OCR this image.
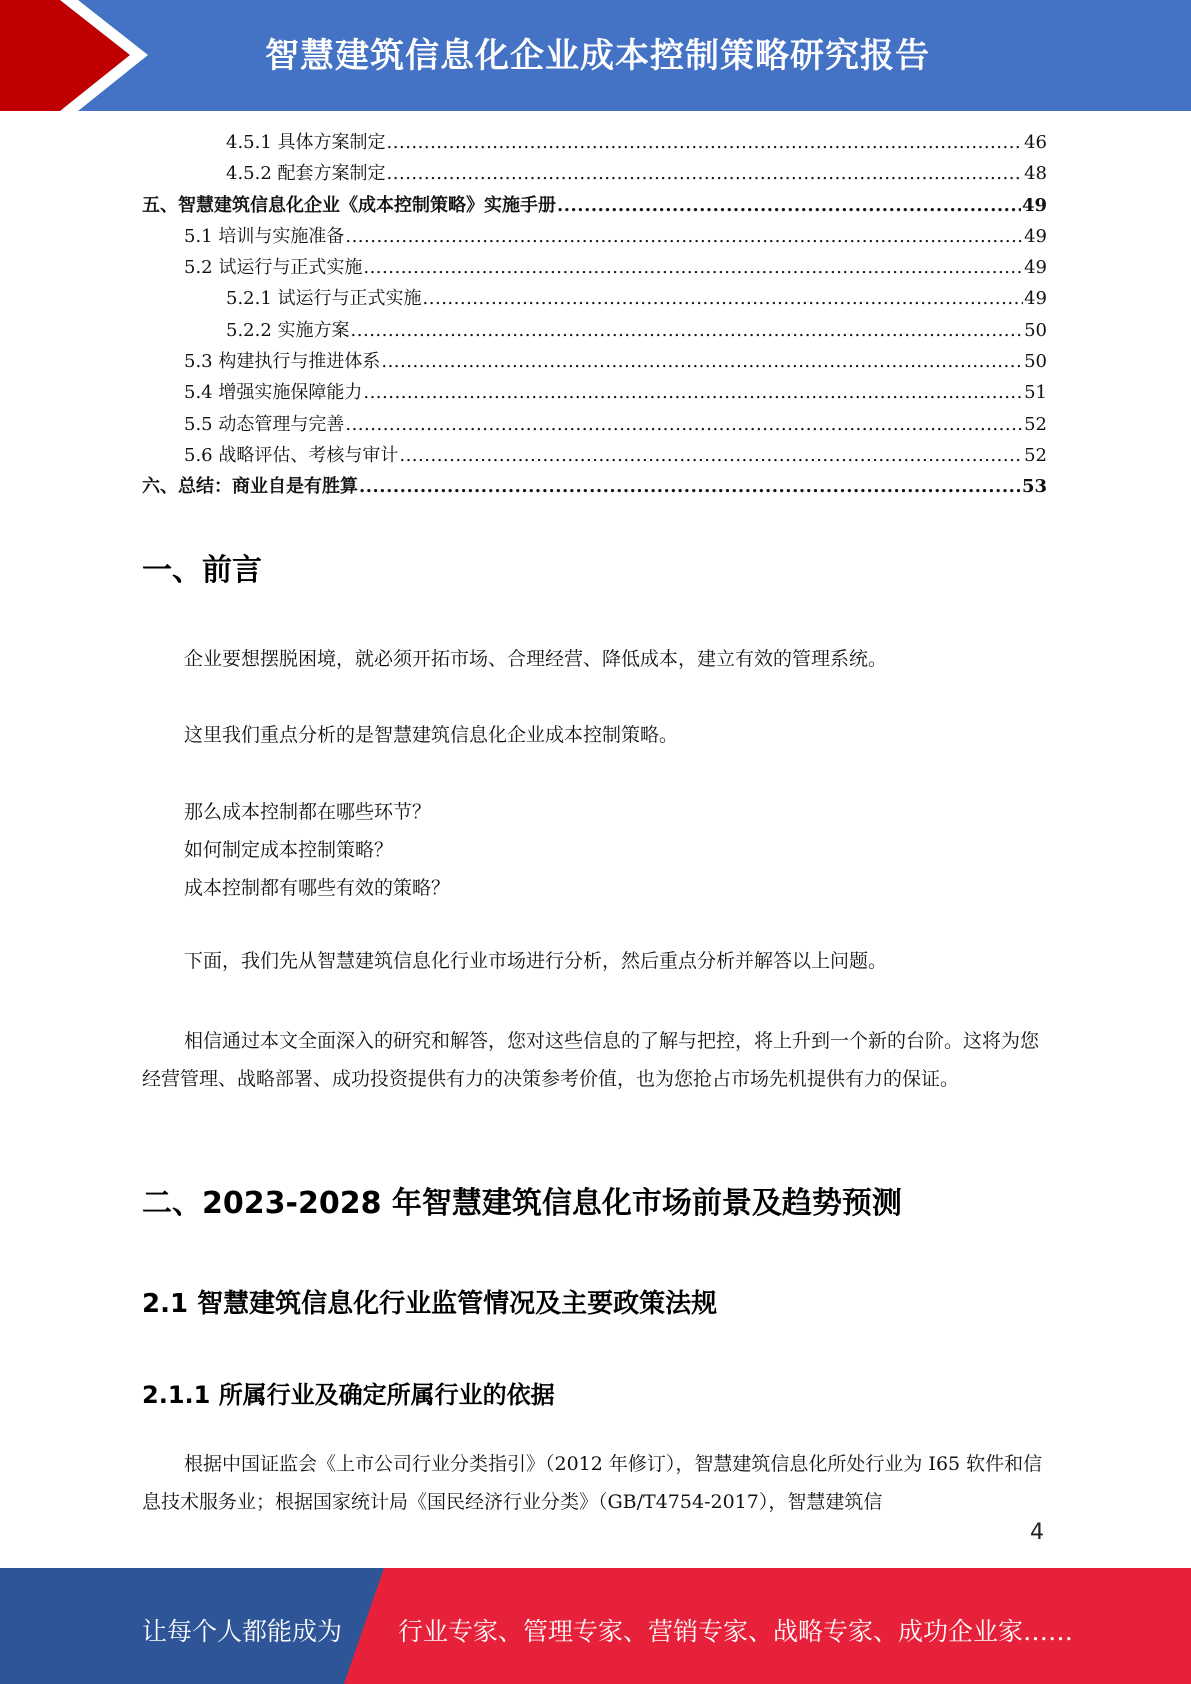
智慧建筑信息化企业成本控制策略研究报告
4.5.1 具体方案制定 .....	46
4.5.2 配套方案制定 .....	48
五、智慧建筑信息化企业《成本控制策略》实施手册 .....	49
5.1 培训与实施准备 .....	49
5.2 试运行与正式实施 .....	49
5.2.1 试运行与正式实施 .....	49
5.2.2 实施方案 .....	50
5.3 构建执行与推进体系 .....	50
5.4 增强实施保障能力 .....	51
5.5 动态管理与完善 .....	52
5.6 战略评估、考核与审计 .....	52
六、总结：商业自是有胜算 .....	53
一、前言

企业要想摆脱困境，就必须开拓市场、合理经营、降低成本，建立有效的管理系统。

这里我们重点分析的是智慧建筑信息化企业成本控制策略。

那么成本控制都在哪些环节？
如何制定成本控制策略？
成本控制都有哪些有效的策略？

下面，我们先从智慧建筑信息化行业市场进行分析，然后重点分析并解答以上问题。

相信通过本文全面深入的研究和解答，您对这些信息的了解与把控，将上升到一个新的台阶。这将为您经营管理、战略部署、成功投资提供有力的决策参考价值，也为您抢占市场先机提供有力的保证。

二、2023-2028 年智慧建筑信息化市场前景及趋势预测
2.1 智慧建筑信息化行业监管情况及主要政策法规
2.1.1 所属行业及确定所属行业的依据

根据中国证监会《上市公司行业分类指引》（2012 年修订），智慧建筑信息化所处行业为 I65 软件和信息技术服务业；根据国家统计局《国民经济行业分类》（GB/T4754-2017），智慧建筑信

4
让每个人都能成为 行业专家、管理专家、营销专家、战略专家、成功企业家……
